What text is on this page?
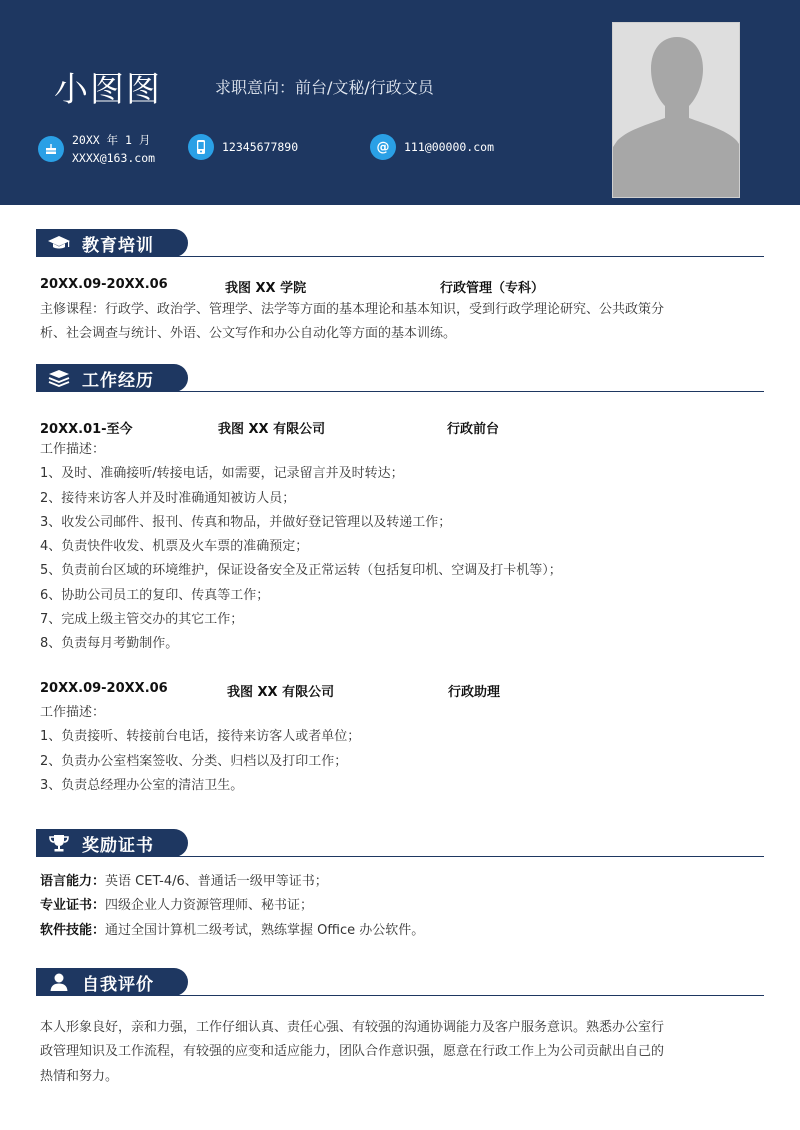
小图图	求职意向：前台/文秘/行政文员
20XX 年 1 月
XXXX@163.com
12345677890	@	111@00000.com
教育培训
20XX.09-20XX.06	我图 XX 学院	行政管理（专科）
主修课程：行政学、政治学、管理学、法学等方面的基本理论和基本知识，受到行政学理论研究、公共政策分
析、社会调查与统计、外语、公文写作和办公自动化等方面的基本训练。
工作经历
20XX.01-至今	我图 XX 有限公司	行政前台
工作描述：
1、及时、准确接听/转接电话，如需要，记录留言并及时转达；
2、接待来访客人并及时准确通知被访人员；
3、收发公司邮件、报刊、传真和物品，并做好登记管理以及转递工作；
4、负责快件收发、机票及火车票的准确预定；
5、负责前台区域的环境维护，保证设备安全及正常运转（包括复印机、空调及打卡机等）；
6、协助公司员工的复印、传真等工作；
7、完成上级主管交办的其它工作；
8、负责每月考勤制作。
20XX.09-20XX.06	我图 XX 有限公司	行政助理
工作描述：
1、负责接听、转接前台电话，接待来访客人或者单位；
2、负责办公室档案签收、分类、归档以及打印工作；
3、负责总经理办公室的清洁卫生。
奖励证书
语言能力：英语 CET-4/6、普通话一级甲等证书；
专业证书：四级企业人力资源管理师、秘书证；
软件技能：通过全国计算机二级考试，熟练掌握 Office 办公软件。
自我评价
本人形象良好，亲和力强，工作仔细认真、责任心强、有较强的沟通协调能力及客户服务意识。熟悉办公室行
政管理知识及工作流程，有较强的应变和适应能力，团队合作意识强，愿意在行政工作上为公司贡献出自己的
热情和努力。
